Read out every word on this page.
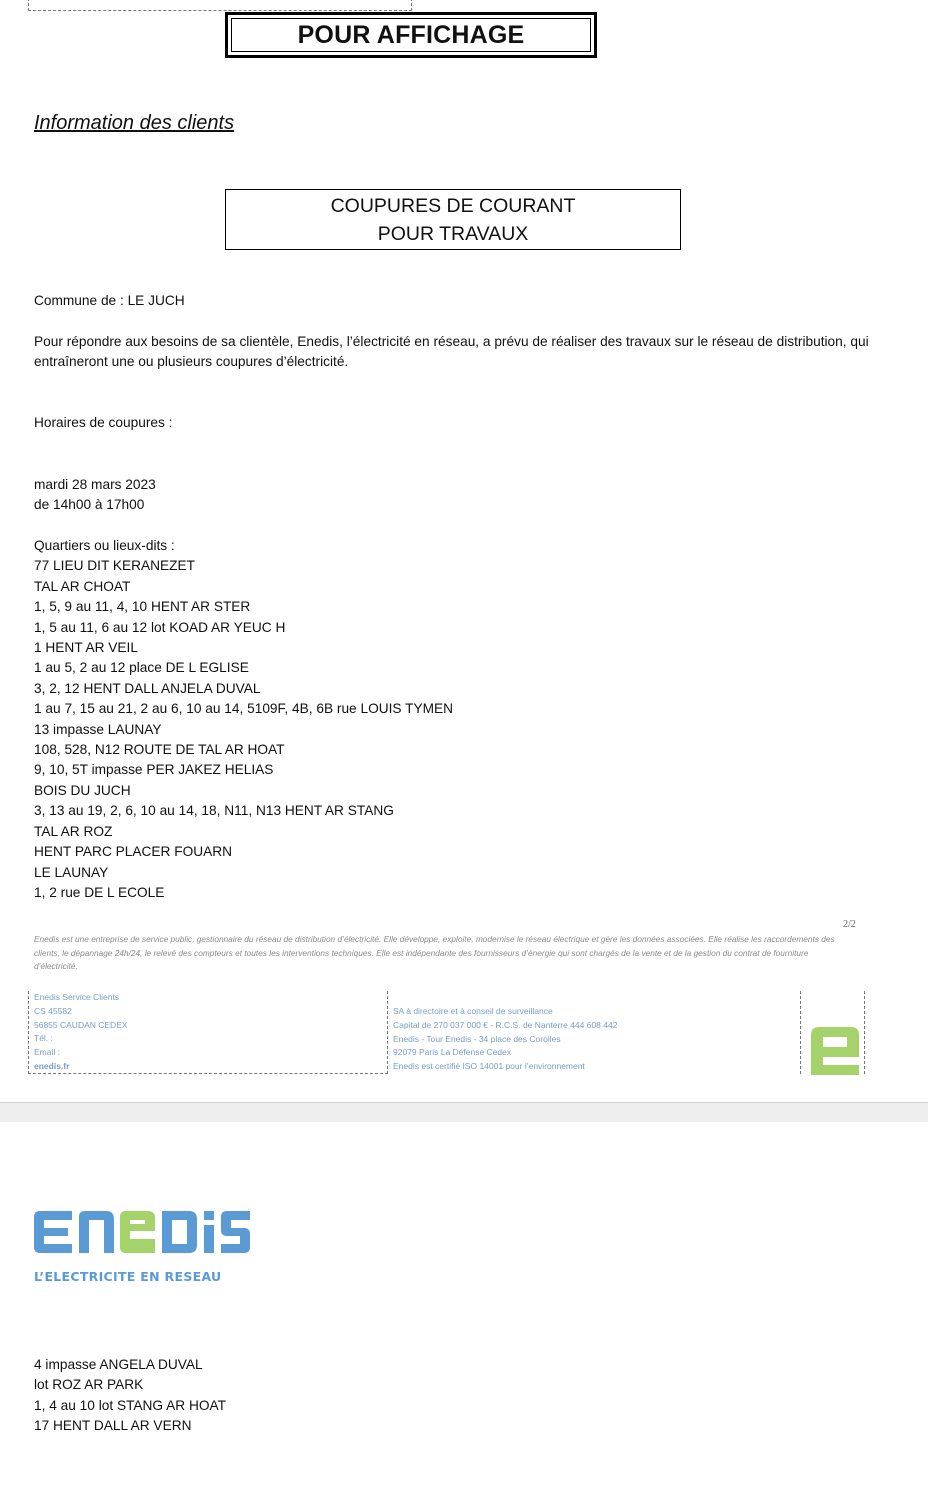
POUR AFFICHAGE
Information des clients
COUPURES DE COURANT
POUR TRAVAUX
Commune de : LE JUCH
Pour répondre aux besoins de sa clientèle, Enedis, l’électricité en réseau, a prévu de réaliser des travaux sur le réseau de distribution, qui entraîneront une ou plusieurs coupures d’électricité.
Horaires de coupures :
mardi 28 mars 2023
de 14h00 à 17h00
Quartiers ou lieux-dits :
77 LIEU DIT KERANEZET
TAL AR CHOAT
1, 5, 9 au 11, 4, 10 HENT AR STER
1, 5 au 11, 6 au 12 lot KOAD AR YEUC H
1 HENT AR VEIL
1 au 5, 2 au 12 place DE L EGLISE
3, 2, 12 HENT DALL ANJELA DUVAL
1 au 7, 15 au 21, 2 au 6, 10 au 14, 5109F, 4B, 6B rue LOUIS TYMEN
13 impasse LAUNAY
108, 528, N12 ROUTE DE TAL AR HOAT
9, 10, 5T impasse PER JAKEZ HELIAS
BOIS DU JUCH
3, 13 au 19, 2, 6, 10 au 14, 18, N11, N13 HENT AR STANG
TAL AR ROZ
HENT PARC PLACER FOUARN
LE LAUNAY
1, 2 rue DE L ECOLE
2/2
Enedis est une entreprise de service public, gestionnaire du réseau de distribution d’électricité. Elle développe, exploite, modernise le réseau électrique et gère les données associées. Elle réalise les raccordements des clients, le dépannage 24h/24, le relevé des compteurs et toutes les interventions techniques. Elle est indépendante des fournisseurs d’énergie qui sont chargés de la vente et de la gestion du contrat de fourniture d’électricité.
Enedis Service Clients
CS 45582
56855 CAUDAN CEDEX
Tél. :
Email :
enedis.fr
SA à directoire et à conseil de surveillance
Capital de 270 037 000 € - R.C.S. de Nanterre 444 608 442
Enedis - Tour Enedis - 34 place des Corolles
92079 Paris La Défense Cedex
Enedis est certifié ISO 14001 pour l’environnement
L’ELECTRICITE EN RESEAU
4 impasse ANGELA DUVAL
lot ROZ AR PARK
1, 4 au 10 lot STANG AR HOAT
17 HENT DALL AR VERN
